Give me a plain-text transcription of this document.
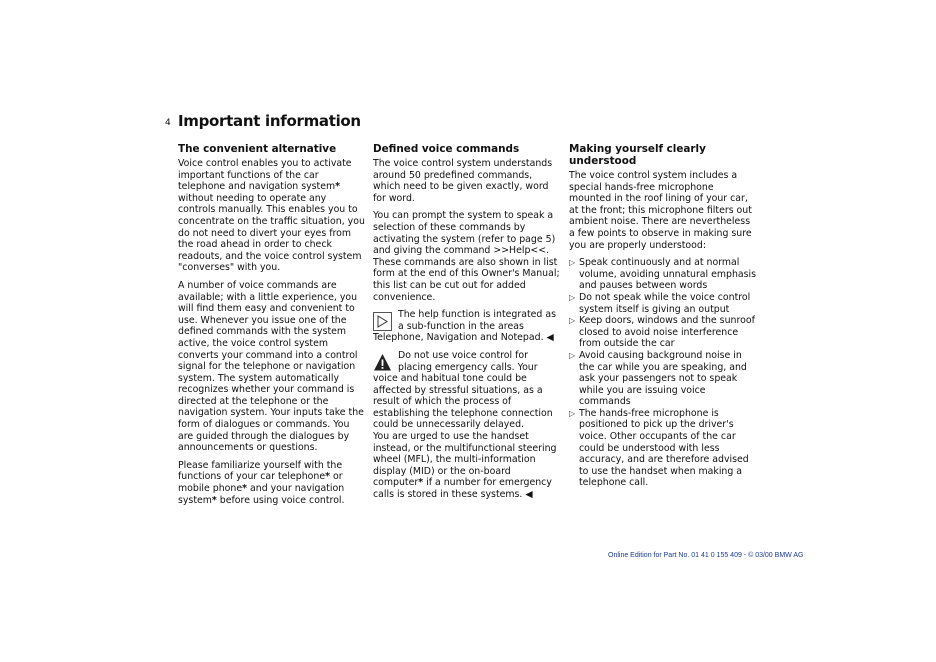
4 Important information
The convenient alternative

Voice control enables you to activate important functions of the car telephone and navigation system* without needing to operate any controls manually. This enables you to concentrate on the traffic situation, you do not need to divert your eyes from the road ahead in order to check readouts, and the voice control system "converses" with you.

A number of voice commands are available; with a little experience, you will find them easy and convenient to use. Whenever you issue one of the defined commands with the system active, the voice control system converts your command into a control signal for the telephone or navigation system. The system automatically recognizes whether your command is directed at the telephone or the navigation system. Your inputs take the form of dialogues or commands. You are guided through the dialogues by announcements or questions.

Please familiarize yourself with the functions of your car telephone* or mobile phone* and your navigation system* before using voice control.

Defined voice commands

The voice control system understands around 50 predefined commands, which need to be given exactly, word for word.

You can prompt the system to speak a selection of these commands by activating the system (refer to page 5) and giving the command >>Help<<. These commands are also shown in list form at the end of this Owner's Manual; this list can be cut out for added convenience.

The help function is integrated as a sub-function in the areas Telephone, Navigation and Notepad. ◀
Do not use voice control for placing emergency calls. Your voice and habitual tone could be affected by stressful situations, as a result of which the process of establishing the telephone connection could be unnecessarily delayed.
You are urged to use the handset instead, or the multifunctional steering wheel (MFL), the multi-information display (MID) or the on-board computer* if a number for emergency calls is stored in these systems. ◀
Making yourself clearly understood

The voice control system includes a special hands-free microphone mounted in the roof lining of your car, at the front; this microphone filters out ambient noise. There are nevertheless a few points to observe in making sure you are properly understood:

▷ Speak continuously and at normal volume, avoiding unnatural emphasis and pauses between words
▷ Do not speak while the voice control system itself is giving an output
▷ Keep doors, windows and the sunroof closed to avoid noise interference from outside the car
▷ Avoid causing background noise in the car while you are speaking, and ask your passengers not to speak while you are issuing voice commands
▷ The hands-free microphone is positioned to pick up the driver's voice. Other occupants of the car could be understood with less accuracy, and are therefore advised to use the handset when making a telephone call.
Online Edition for Part No. 01 41 0 155 409 - © 03/00 BMW AG
